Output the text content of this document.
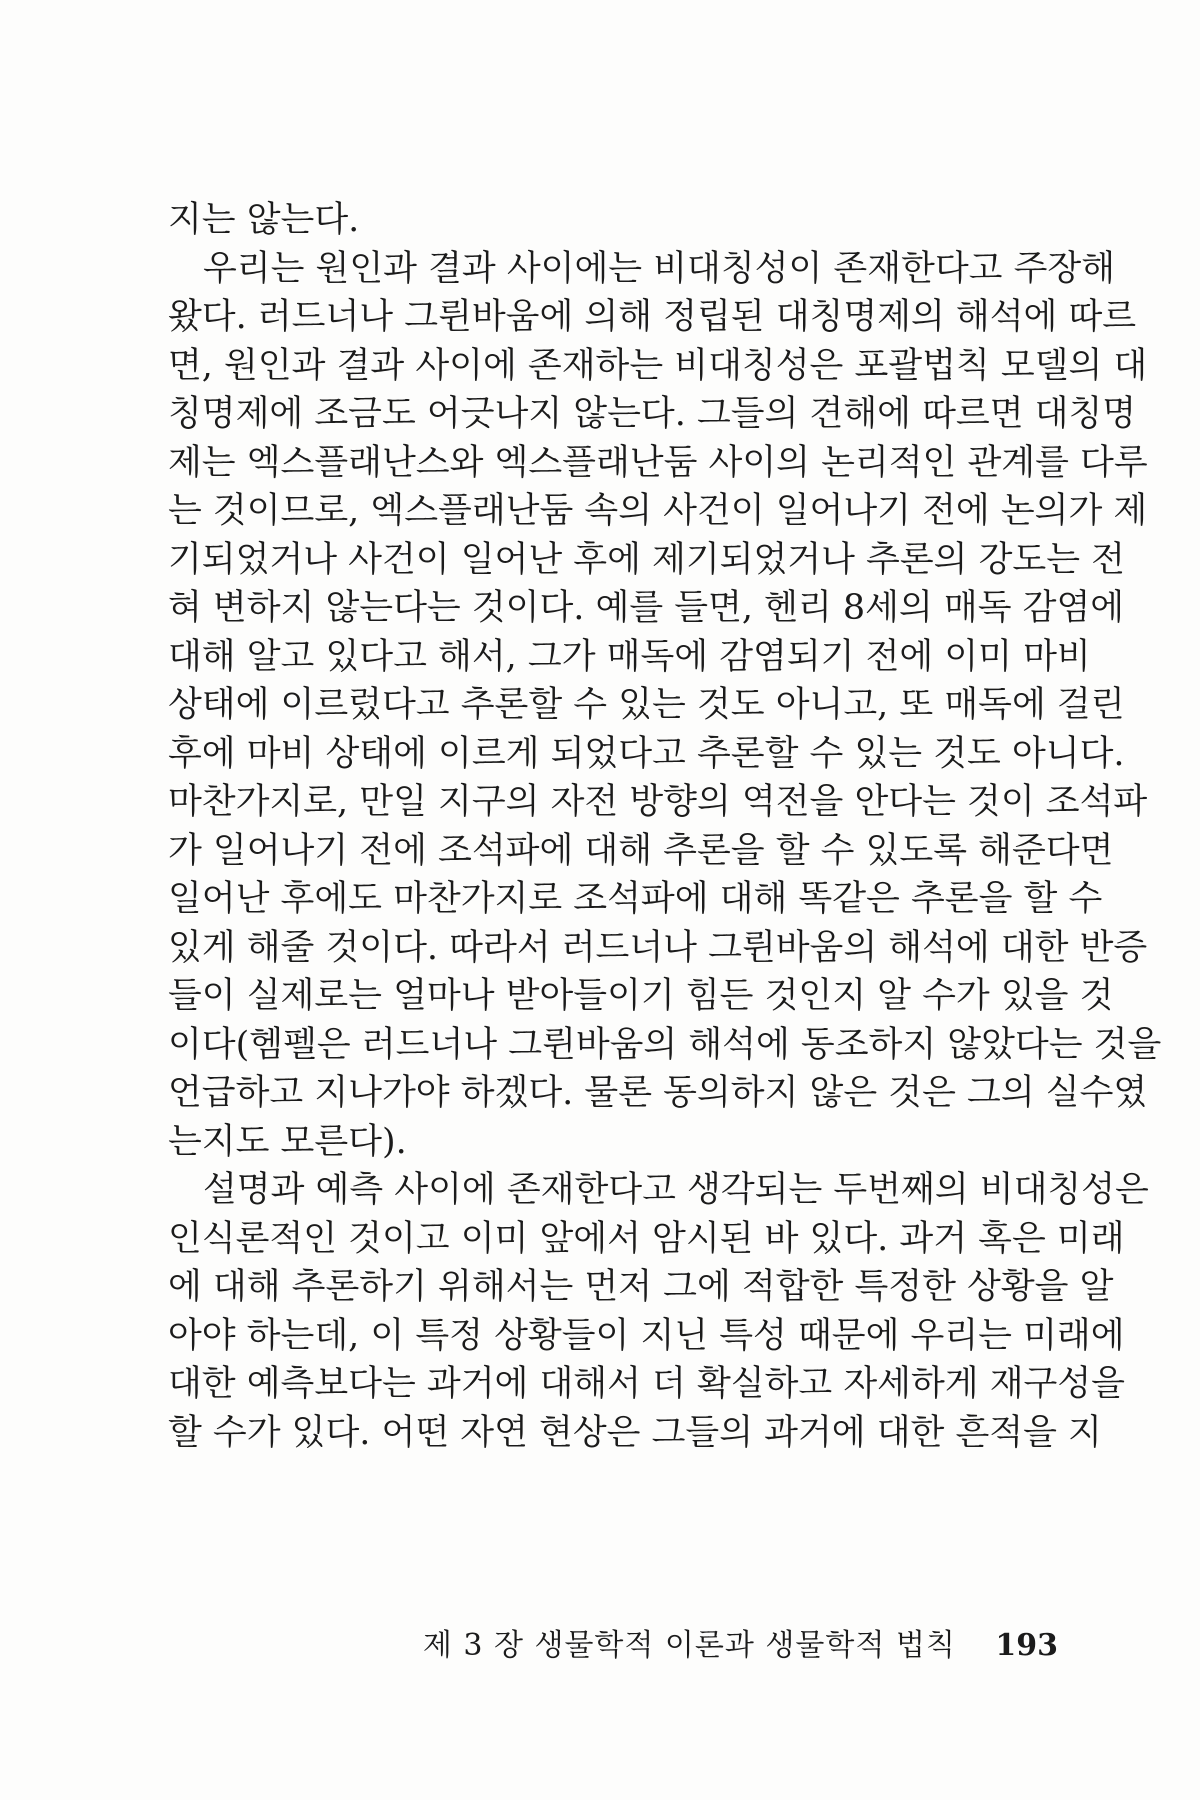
지는 않는다.
우리는 원인과 결과 사이에는 비대칭성이 존재한다고 주장해
왔다. 러드너나 그륀바움에 의해 정립된 대칭명제의 해석에 따르
면, 원인과 결과 사이에 존재하는 비대칭성은 포괄법칙 모델의 대
칭명제에 조금도 어긋나지 않는다. 그들의 견해에 따르면 대칭명
제는 엑스플래난스와 엑스플래난둠 사이의 논리적인 관계를 다루
는 것이므로, 엑스플래난둠 속의 사건이 일어나기 전에 논의가 제
기되었거나 사건이 일어난 후에 제기되었거나 추론의 강도는 전
혀 변하지 않는다는 것이다. 예를 들면, 헨리 8세의 매독 감염에
대해 알고 있다고 해서, 그가 매독에 감염되기 전에 이미 마비
상태에 이르렀다고 추론할 수 있는 것도 아니고, 또 매독에 걸린
후에 마비 상태에 이르게 되었다고 추론할 수 있는 것도 아니다.
마찬가지로, 만일 지구의 자전 방향의 역전을 안다는 것이 조석파
가 일어나기 전에 조석파에 대해 추론을 할 수 있도록 해준다면
일어난 후에도 마찬가지로 조석파에 대해 똑같은 추론을 할 수
있게 해줄 것이다. 따라서 러드너나 그륀바움의 해석에 대한 반증
들이 실제로는 얼마나 받아들이기 힘든 것인지 알 수가 있을 것
이다(헴펠은 러드너나 그륀바움의 해석에 동조하지 않았다는 것을
언급하고 지나가야 하겠다. 물론 동의하지 않은 것은 그의 실수였
는지도 모른다).
설명과 예측 사이에 존재한다고 생각되는 두번째의 비대칭성은
인식론적인 것이고 이미 앞에서 암시된 바 있다. 과거 혹은 미래
에 대해 추론하기 위해서는 먼저 그에 적합한 특정한 상황을 알
아야 하는데, 이 특정 상황들이 지닌 특성 때문에 우리는 미래에
대한 예측보다는 과거에 대해서 더 확실하고 자세하게 재구성을
할 수가 있다. 어떤 자연 현상은 그들의 과거에 대한 흔적을 지
제 3 장 생물학적 이론과 생물학적 법칙 193
